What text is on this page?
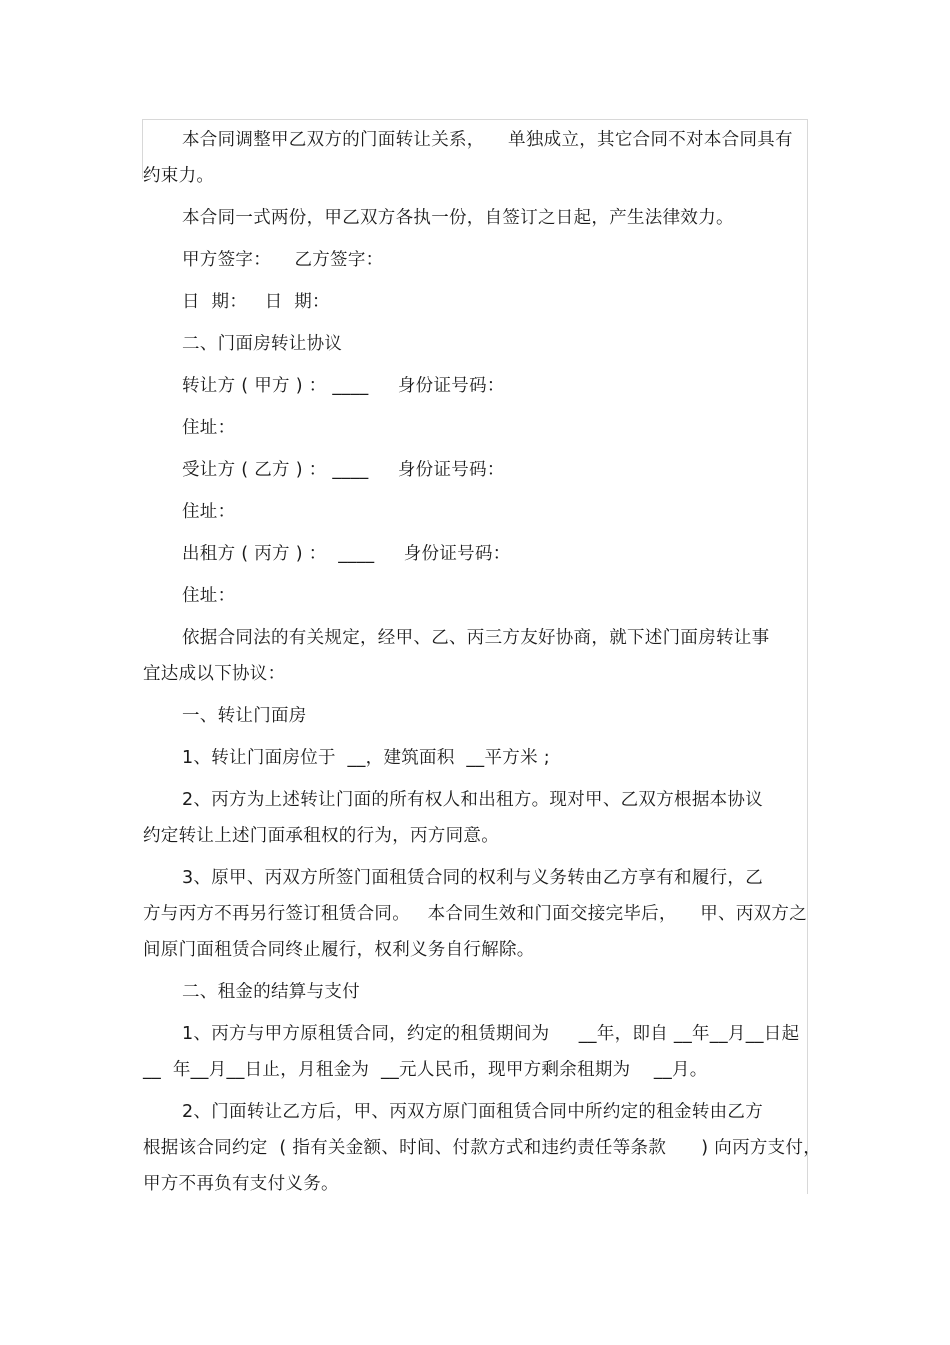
本合同调整甲乙双方的门面转让关系，    单独成立，其它合同不对本合同具有
约束力。
本合同一式两份，甲乙双方各执一份，自签订之日起，产生法律效力。
甲方签字：    乙方签字：
日  期：   日  期：
二、门面房转让协议
转让方 ( 甲方 ) ： ____     身份证号码：
住址：
受让方 ( 乙方 ) ： ____     身份证号码：
住址：
出租方 ( 丙方 ) ：  ____     身份证号码：
住址：
依据合同法的有关规定，经甲、乙、丙三方友好协商，就下述门面房转让事
宜达成以下协议：
一、转让门面房
1、转让门面房位于  __，建筑面积  __平方米 ;
2、丙方为上述转让门面的所有权人和出租方。现对甲、乙双方根据本协议
约定转让上述门面承租权的行为，丙方同意。
3、原甲、丙双方所签门面租赁合同的权利与义务转由乙方享有和履行，乙
方与丙方不再另行签订租赁合同。   本合同生效和门面交接完毕后，    甲、丙双方之
间原门面租赁合同终止履行，权利义务自行解除。
二、租金的结算与支付
1、丙方与甲方原租赁合同，约定的租赁期间为     __年，即自 __年__月__日起
__  年__月__日止，月租金为  __元人民币，现甲方剩余租期为    __月。
2、门面转让乙方后，甲、丙双方原门面租赁合同中所约定的租金转由乙方
根据该合同约定  ( 指有关金额、时间、付款方式和违约责任等条款      ) 向丙方支付，
甲方不再负有支付义务。
